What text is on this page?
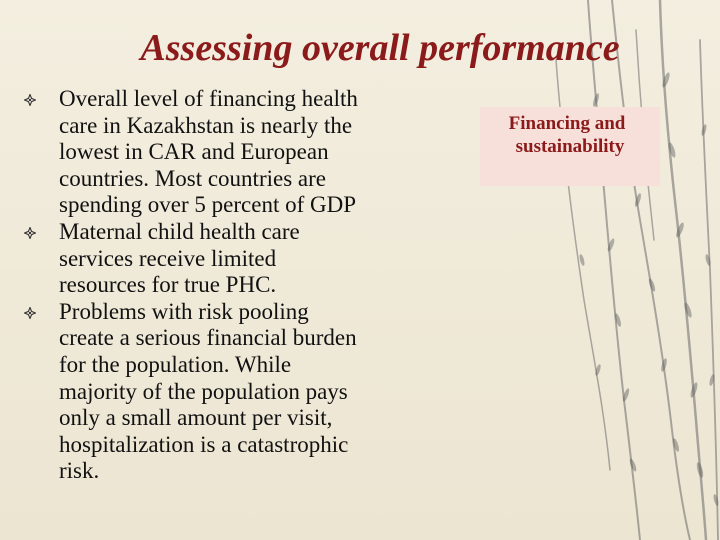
Assessing overall performance
Overall level of financing health
care in Kazakhstan is nearly the
lowest in CAR and European
countries. Most countries are
spending over 5 percent of GDP
Maternal child health care
services receive limited
resources for true PHC.
Problems with risk pooling
create a serious financial burden
for the population. While
majority of the population pays
only a small amount per visit,
hospitalization is a catastrophic
risk.
Financing and
sustainability
